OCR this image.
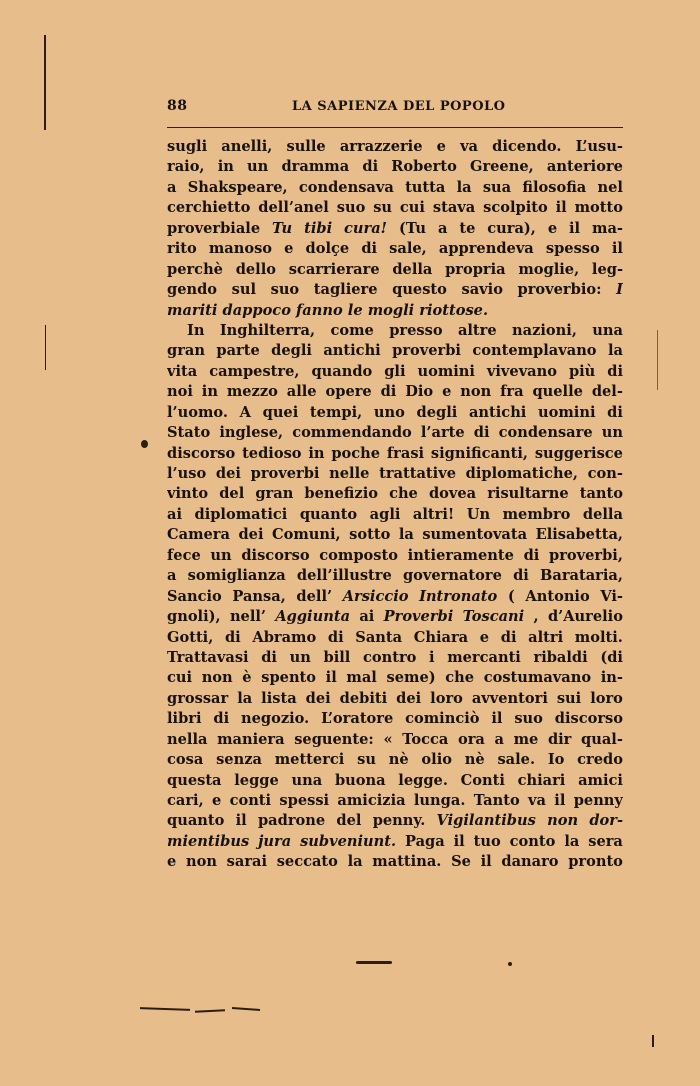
88	LA SAPIENZA DEL POPOLO
sugli anelli, sulle arrazzerie e va dicendo. L’usu-
raio, in un dramma di Roberto Greene, anteriore
a Shakspeare, condensava tutta la sua filosofia nel
cerchietto dell’anel suo su cui stava scolpito il motto
proverbiale Tu tibi cura! (Tu a te cura), e il ma-
rito manoso e dolçe di sale, apprendeva spesso il
perchè dello scarrierare della propria moglie, leg-
gendo sul suo tagliere questo savio proverbio: I
mariti dappoco fanno le mogli riottose.
In Inghilterra, come presso altre nazioni, una
gran parte degli antichi proverbi contemplavano la
vita campestre, quando gli uomini vivevano più di
noi in mezzo alle opere di Dio e non fra quelle del-
l’uomo. A quei tempi, uno degli antichi uomini di
Stato inglese, commendando l’arte di condensare un
discorso tedioso in poche frasi significanti, suggerisce
l’uso dei proverbi nelle trattative diplomatiche, con-
vinto del gran benefizio che dovea risultarne tanto
ai diplomatici quanto agli altri! Un membro della
Camera dei Comuni, sotto la sumentovata Elisabetta,
fece un discorso composto intieramente di proverbi,
a somiglianza dell’illustre governatore di Barataria,
Sancio Pansa, dell’ Arsiccio Intronato ( Antonio Vi-
gnoli), nell’ Aggiunta ai Proverbi Toscani , d’Aurelio
Gotti, di Abramo di Santa Chiara e di altri molti.
Trattavasi di un bill contro i mercanti ribaldi (di
cui non è spento il mal seme) che costumavano in-
grossar la lista dei debiti dei loro avventori sui loro
libri di negozio. L’oratore cominciò il suo discorso
nella maniera seguente: « Tocca ora a me dir qual-
cosa senza metterci su nè olio nè sale. Io credo
questa legge una buona legge. Conti chiari amici
cari, e conti spessi amicizia lunga. Tanto va il penny
quanto il padrone del penny. Vigilantibus non dor-
mientibus jura subveniunt. Paga il tuo conto la sera
e non sarai seccato la mattina. Se il danaro pronto
